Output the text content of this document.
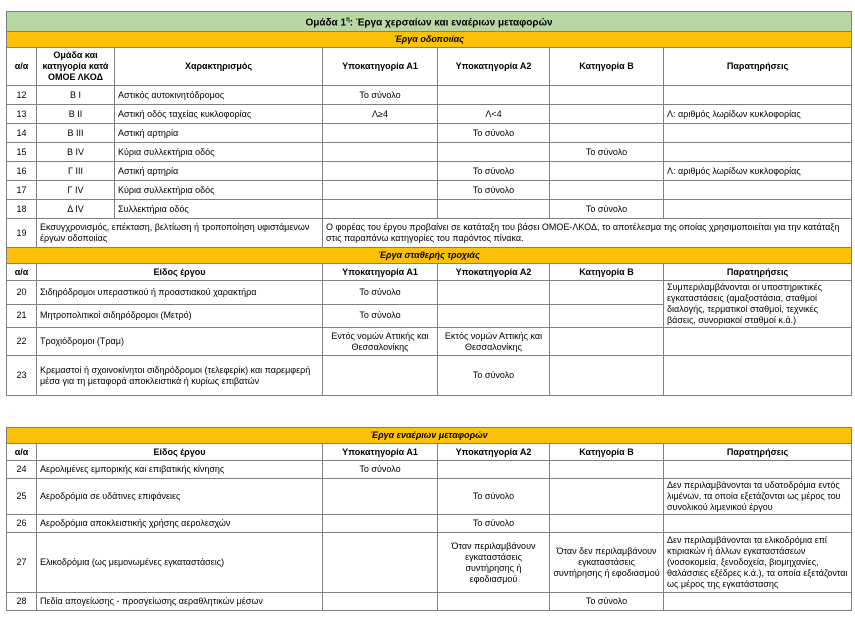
Ομάδα $1^\eta$: Έργα χερσαίων και εναέριων μεταφορών						
Έργα οδοποιίας						
α/α	Ομάδα και κατηγορία κατά ΟΜΟΕ ΛΚΟΔ	Χαρακτηρισμός	Υποκατηγορία Α1	Υποκατηγορία Α2	Κατηγορία Β	Παρατηρήσεις
12	Β Ι	Αστικός αυτοκινητόδρομος	Το σύνολο			
13	Β ΙΙ	Αστική οδός ταχείας κυκλοφορίας	Λ≥4	Λ<4		Λ: αριθμός λωρίδων κυκλοφορίας
14	Β ΙΙΙ	Αστική αρτηρία		Το σύνολο		
15	Β IV	Κύρια συλλεκτήρια οδός			Το σύνολο	
16	Γ ΙΙΙ	Αστική αρτηρία		Το σύνολο		Λ: αριθμός λωρίδων κυκλοφορίας
17	Γ IV	Κύρια συλλεκτήρια οδός		Το σύνολο		
18	Δ IV	Συλλεκτήρια οδός			Το σύνολο	
19	Εκσυγχρονισμός, επέκταση, βελτίωση ή τροποποίηση υφιστάμενων έργων οδοποιίας		Ο φορέας του έργου προβαίνει σε κατάταξη του βάσει ΟΜΟΕ-ΛΚΟΔ, το αποτέλεσμα της οποίας χρησιμοποιείται για την κατάταξη στις παραπάνω κατηγορίες του παρόντος πίνακα.			
Έργα σταθερής τροχιάς						
α/α	Είδος έργου		Υποκατηγορία Α1	Υποκατηγορία Α2	Κατηγορία Β	Παρατηρήσεις
20	Σιδηρόδρομοι υπεραστικού ή προαστιακού χαρακτήρα		Το σύνολο			Συμπεριλαμβάνονται οι υποστηρικτικές εγκαταστάσεις (αμαξοστάσια, σταθμοί διαλογής, τερματικοί σταθμοί, τεχνικές βάσεις, συνοριακοί σταθμοί κ.ά.)
21	Μητροπολιτικοί σιδηρόδρομοι (Μετρό)		Το σύνολο			
22	Τροχιόδρομοι (Τραμ)		Εντός νομών Αττικής και Θεσσαλονίκης	Εκτός νομών Αττικής και Θεσσαλονίκης		
23	Κρεμαστοί ή σχοινοκίνητοι σιδηρόδρομοι (τελεφερίκ) και παρεμφερή μέσα για τη μεταφορά αποκλειστικά ή κυρίως επιβατών			Το σύνολο		
Έργα εναέριων μεταφορών					
α/α	Είδος έργου	Υποκατηγορία Α1	Υποκατηγορία Α2	Κατηγορία Β	Παρατηρήσεις
24	Αερολιμένες εμπορικής και επιβατικής κίνησης	Το σύνολο			
25	Αεροδρόμια σε υδάτινες επιφάνειες		Το σύνολο		Δεν περιλαμβάνονται τα υδατοδρόμια εντός λιμένων, τα οποία εξετάζονται ως μέρος του συνολικού λιμενικού έργου
26	Αεροδρόμια αποκλειστικής χρήσης αερολεσχών		Το σύνολο		
27	Ελικοδρόμια (ως μεμονωμένες εγκαταστάσεις)		Όταν περιλαμβάνουν εγκαταστάσεις συντήρησης ή εφοδιασμού	Όταν δεν περιλαμβάνουν εγκαταστάσεις συντήρησης ή εφοδιασμού	Δεν περιλαμβάνονται τα ελικοδρόμια επί κτιριακών ή άλλων εγκαταστάσεων (νοσοκομεία, ξενοδοχεία, βιομηχανίες, θαλάσσιες εξέδρες κ.ά.), τα οποία εξετάζονται ως μέρος της εγκατάστασης
28	Πεδία απογείωσης - προσγείωσης αεραθλητικών μέσων			Το σύνολο	
